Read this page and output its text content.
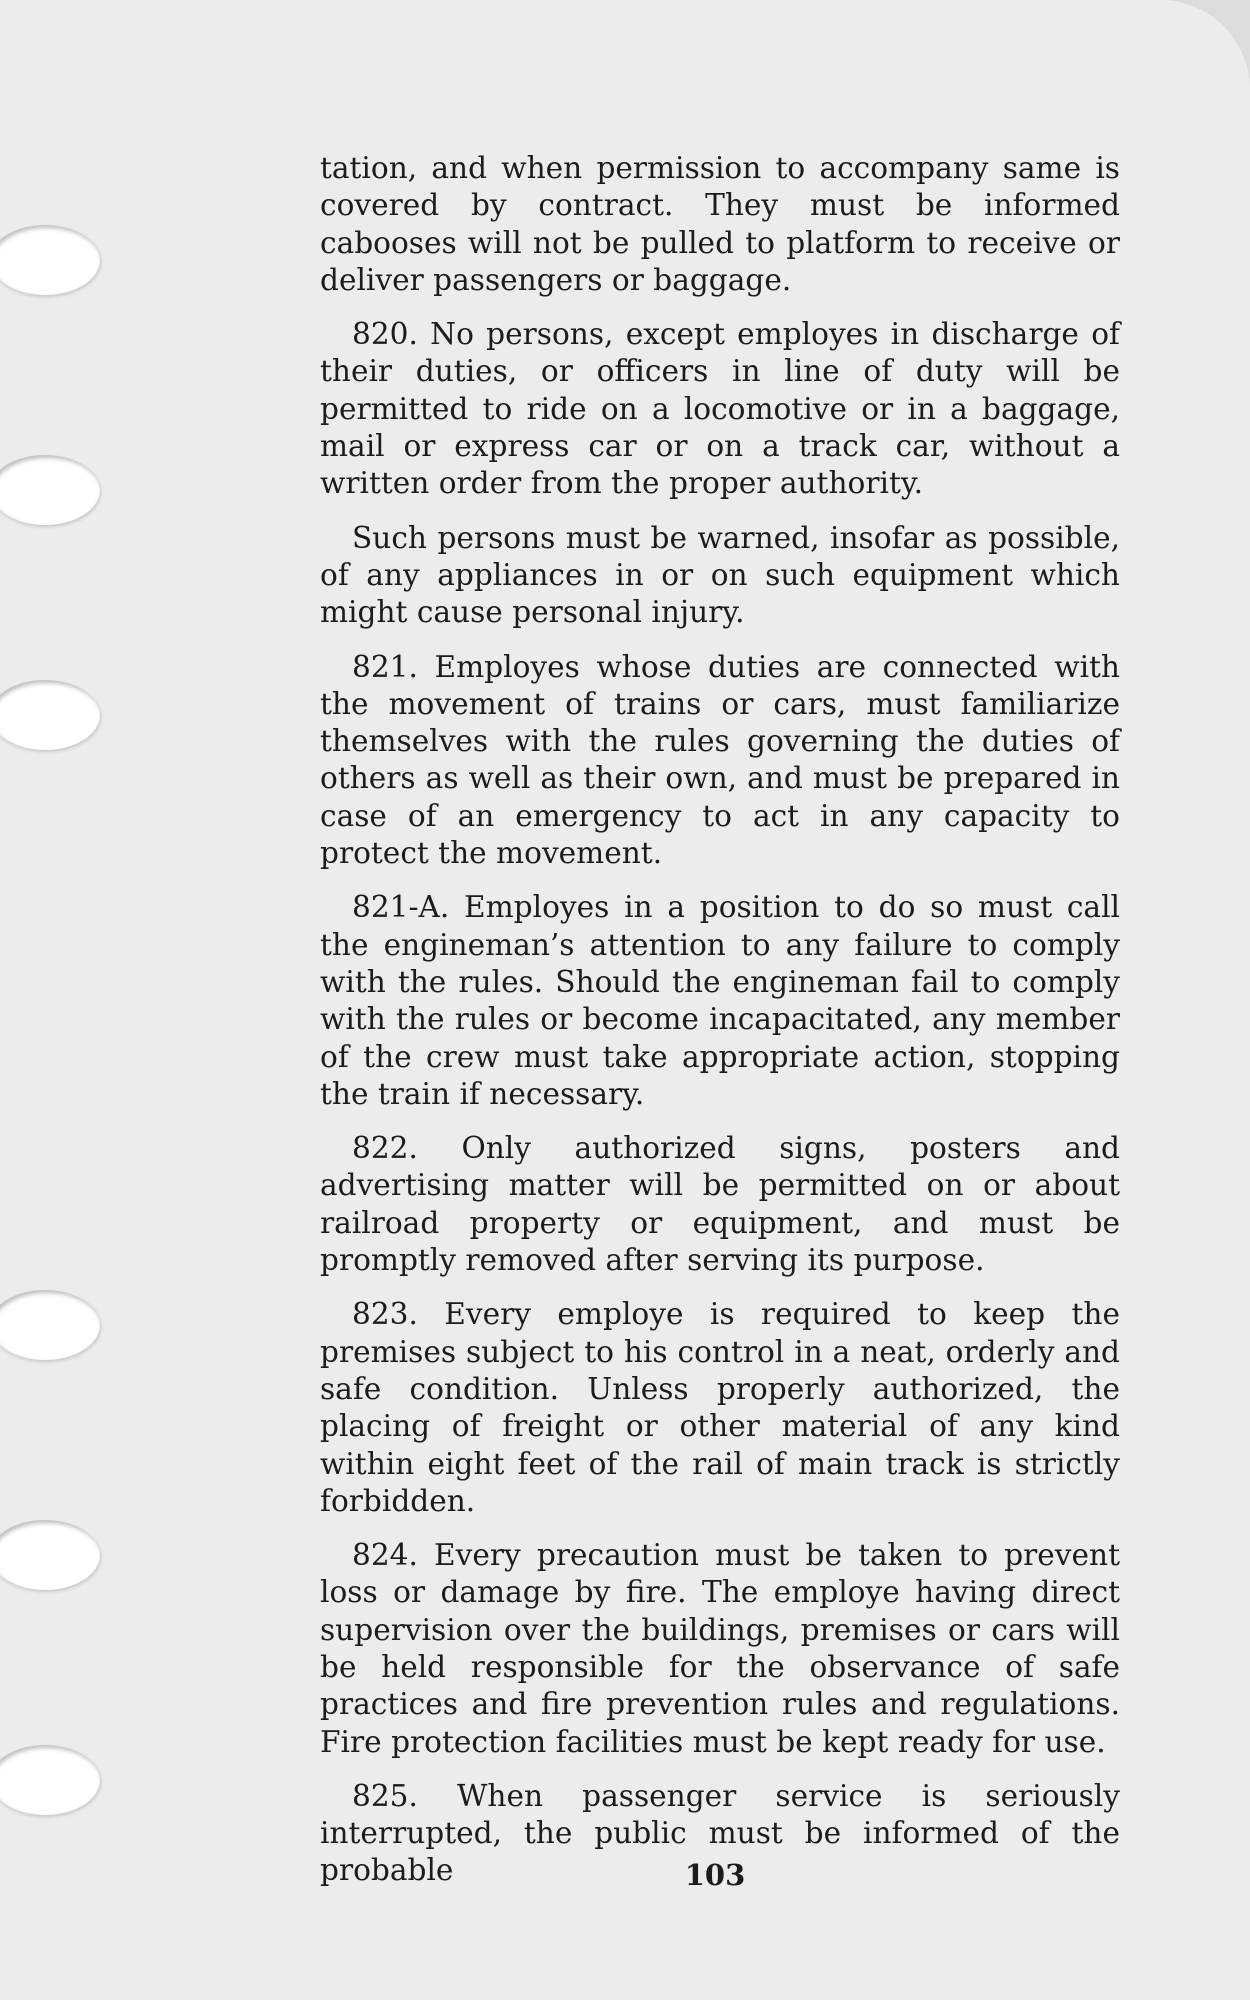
tation, and when permission to accompany same is covered by contract. They must be informed cabooses will not be pulled to platform to receive or deliver passengers or baggage.

820. No persons, except employes in discharge of their duties, or officers in line of duty will be permitted to ride on a locomotive or in a baggage, mail or express car or on a track car, without a written order from the proper authority.

Such persons must be warned, insofar as possible, of any appliances in or on such equipment which might cause personal injury.

821. Employes whose duties are connected with the movement of trains or cars, must familiarize themselves with the rules governing the duties of others as well as their own, and must be prepared in case of an emergency to act in any capacity to protect the movement.

821-A. Employes in a position to do so must call the engineman’s attention to any failure to comply with the rules. Should the engineman fail to comply with the rules or become incapacitated, any member of the crew must take appropriate action, stopping the train if necessary.

822. Only authorized signs, posters and advertising matter will be permitted on or about railroad property or equipment, and must be promptly removed after serving its purpose.

823. Every employe is required to keep the premises subject to his control in a neat, orderly and safe condition. Unless properly authorized, the placing of freight or other material of any kind within eight feet of the rail of main track is strictly forbidden.

824. Every precaution must be taken to prevent loss or damage by fire. The employe having direct supervision over the buildings, premises or cars will be held responsible for the observance of safe practices and fire prevention rules and regulations. Fire protection facilities must be kept ready for use.

825. When passenger service is seriously interrupted, the public must be informed of the probable	103
